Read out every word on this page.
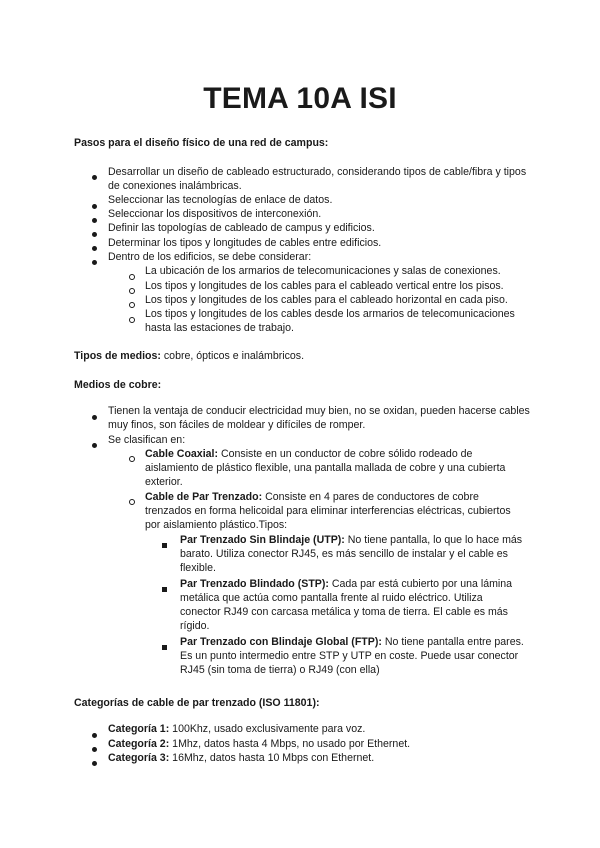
TEMA 10A ISI
Pasos para el diseño físico de una red de campus:
Desarrollar un diseño de cableado estructurado, considerando tipos de cable/fibra y tipos de conexiones inalámbricas.
Seleccionar las tecnologías de enlace de datos.
Seleccionar los dispositivos de interconexión.
Definir las topologías de cableado de campus y edificios.
Determinar los tipos y longitudes de cables entre edificios.
Dentro de los edificios, se debe considerar:
La ubicación de los armarios de telecomunicaciones y salas de conexiones.
Los tipos y longitudes de los cables para el cableado vertical entre los pisos.
Los tipos y longitudes de los cables para el cableado horizontal en cada piso.
Los tipos y longitudes de los cables desde los armarios de telecomunicaciones hasta las estaciones de trabajo.
Tipos de medios: cobre, ópticos e inalámbricos.
Medios de cobre:
Tienen la ventaja de conducir electricidad muy bien, no se oxidan, pueden hacerse cables muy finos, son fáciles de moldear y difíciles de romper.
Se clasifican en:
Cable Coaxial: Consiste en un conductor de cobre sólido rodeado de aislamiento de plástico flexible, una pantalla mallada de cobre y una cubierta exterior.
Cable de Par Trenzado: Consiste en 4 pares de conductores de cobre trenzados en forma helicoidal para eliminar interferencias eléctricas, cubiertos por aislamiento plástico.Tipos:
Par Trenzado Sin Blindaje (UTP): No tiene pantalla, lo que lo hace más barato. Utiliza conector RJ45, es más sencillo de instalar y el cable es flexible.
Par Trenzado Blindado (STP): Cada par está cubierto por una lámina metálica que actúa como pantalla frente al ruido eléctrico. Utiliza conector RJ49 con carcasa metálica y toma de tierra. El cable es más rígido.
Par Trenzado con Blindaje Global (FTP): No tiene pantalla entre pares. Es un punto intermedio entre STP y UTP en coste. Puede usar conector RJ45 (sin toma de tierra) o RJ49 (con ella)
Categorías de cable de par trenzado (ISO 11801):
Categoría 1: 100Khz, usado exclusivamente para voz.
Categoría 2: 1Mhz, datos hasta 4 Mbps, no usado por Ethernet.
Categoría 3: 16Mhz, datos hasta 10 Mbps con Ethernet.
